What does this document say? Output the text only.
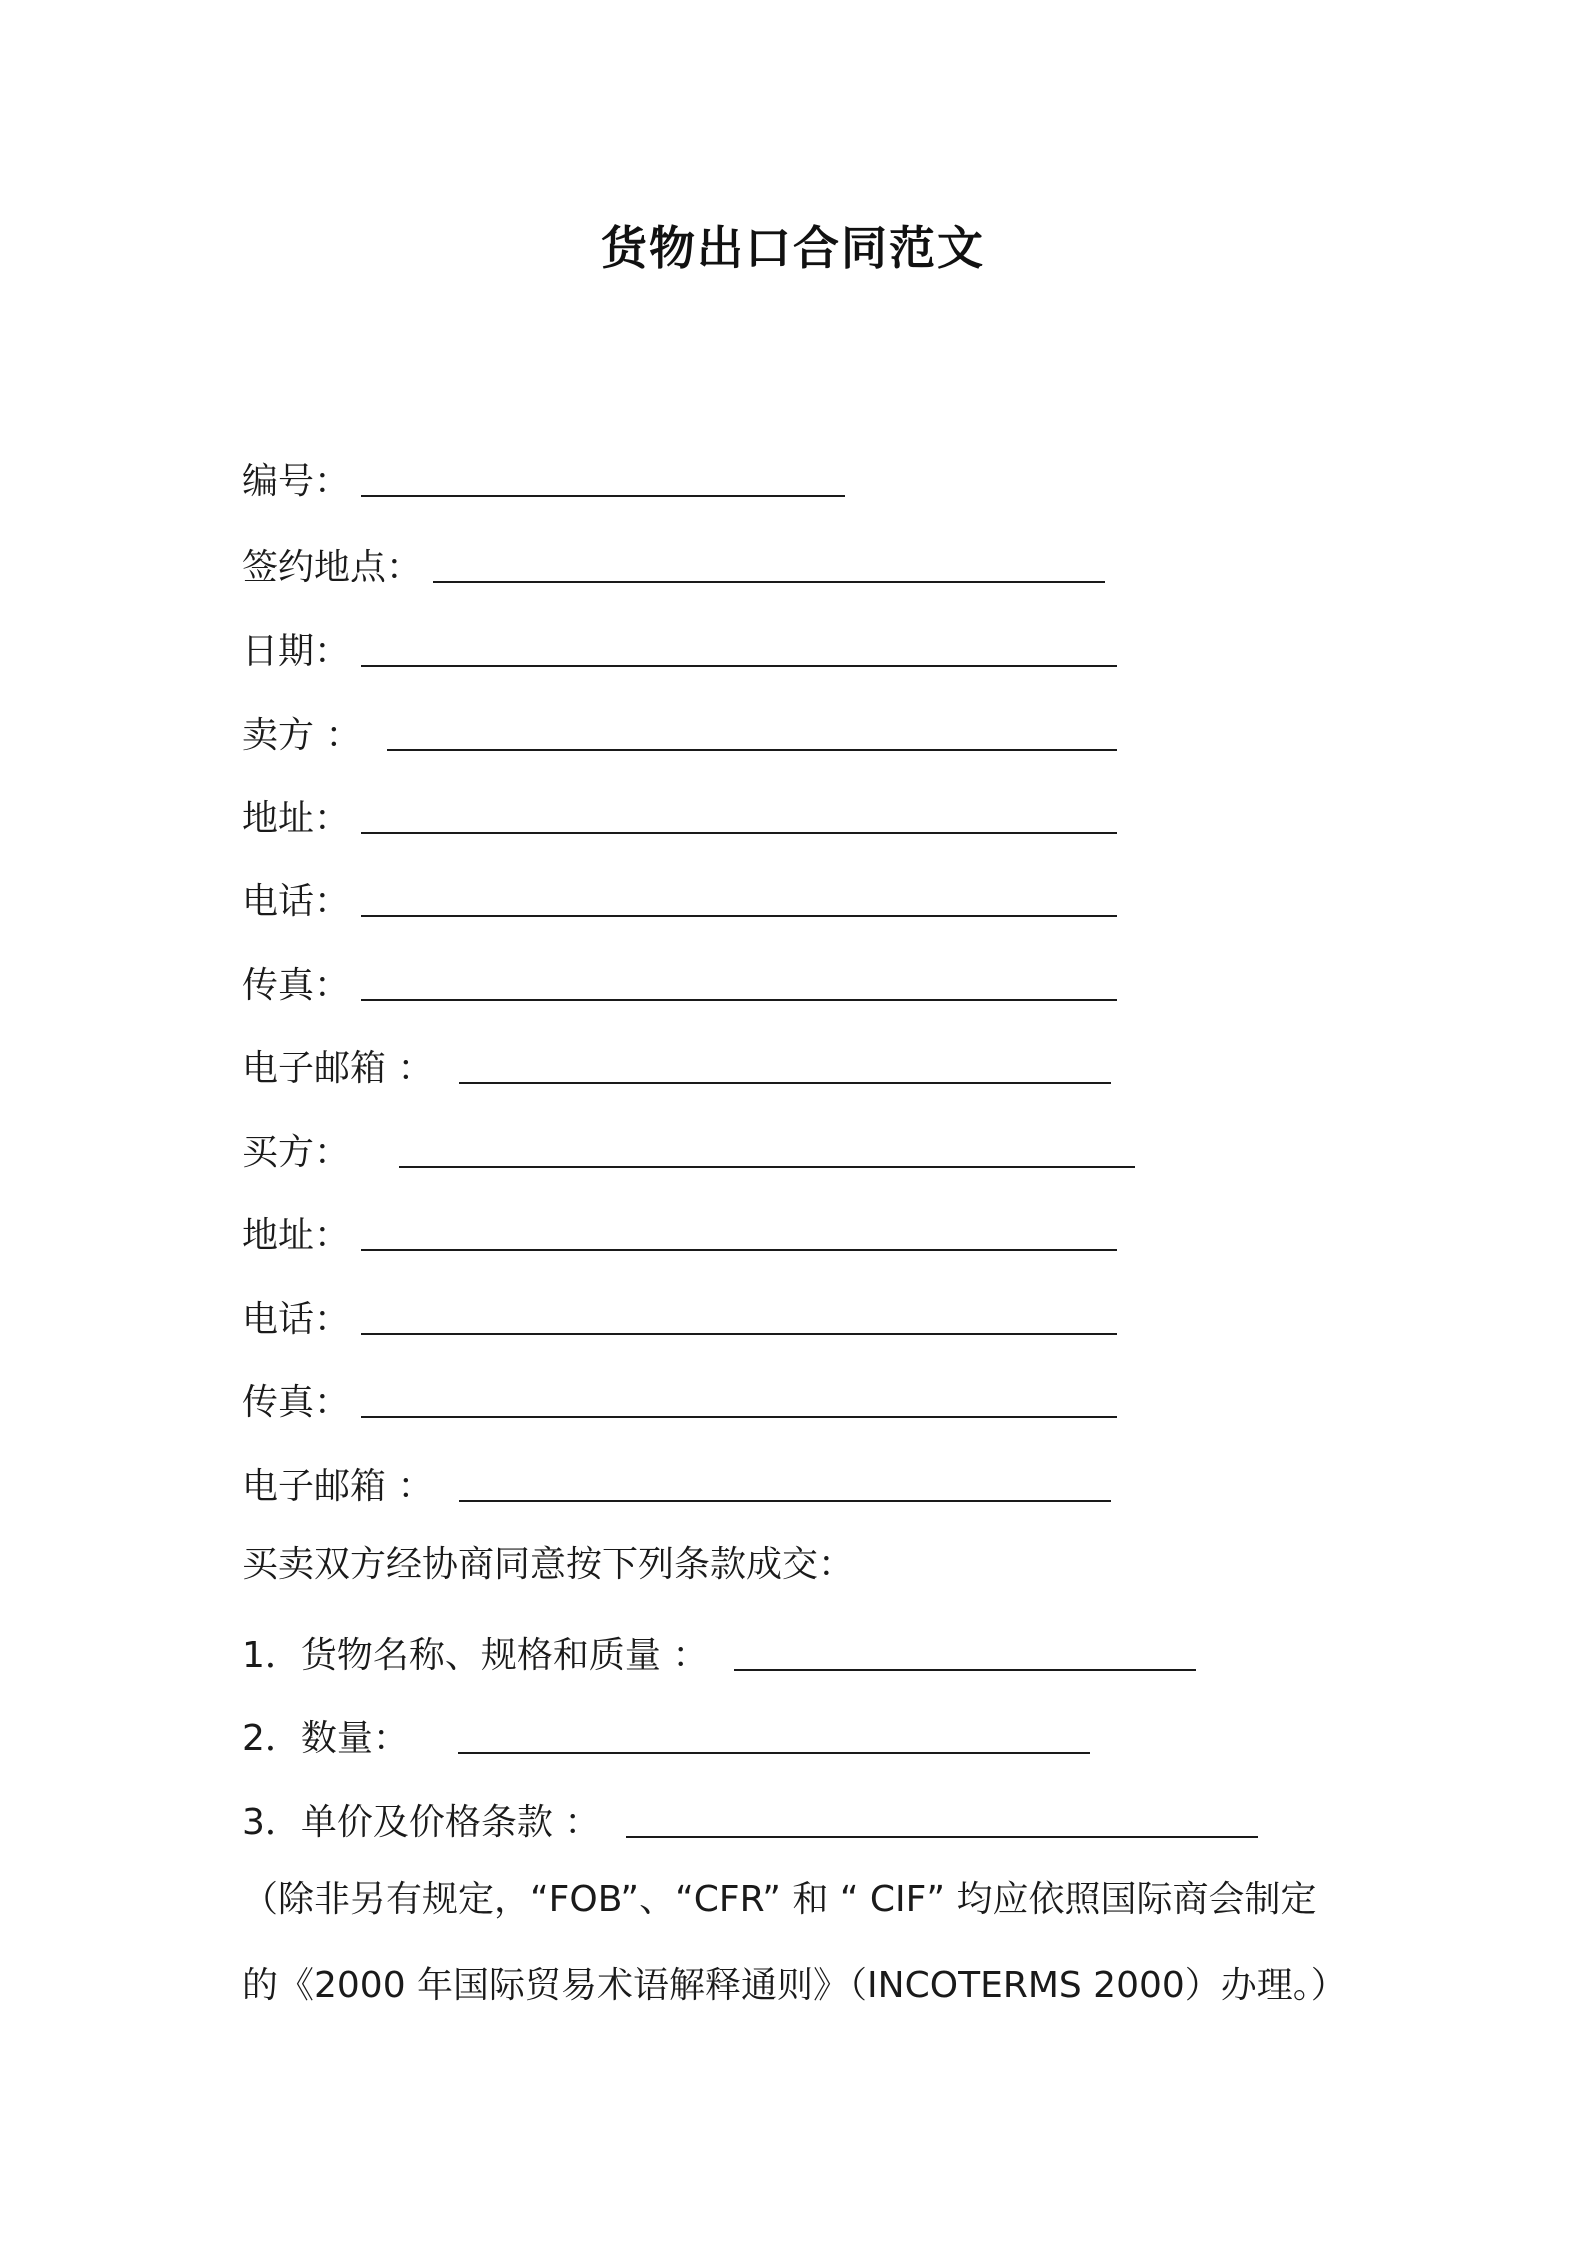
货物出口合同范文
编号：
签约地点：
日期：
卖方 ：
地址：
电话：
传真：
电子邮箱 ：
买方：
地址：
电话：
传真：
电子邮箱 ：
买卖双方经协商同意按下列条款成交：
1．货物名称、规格和质量 ：
2．数量：
3．单价及价格条款 ：
（除非另有规定，“FOB”、“CFR” 和 “ CIF” 均应依照国际商会制定
的《2000 年国际贸易术语解释通则》（INCOTERMS 2000）办理。）
